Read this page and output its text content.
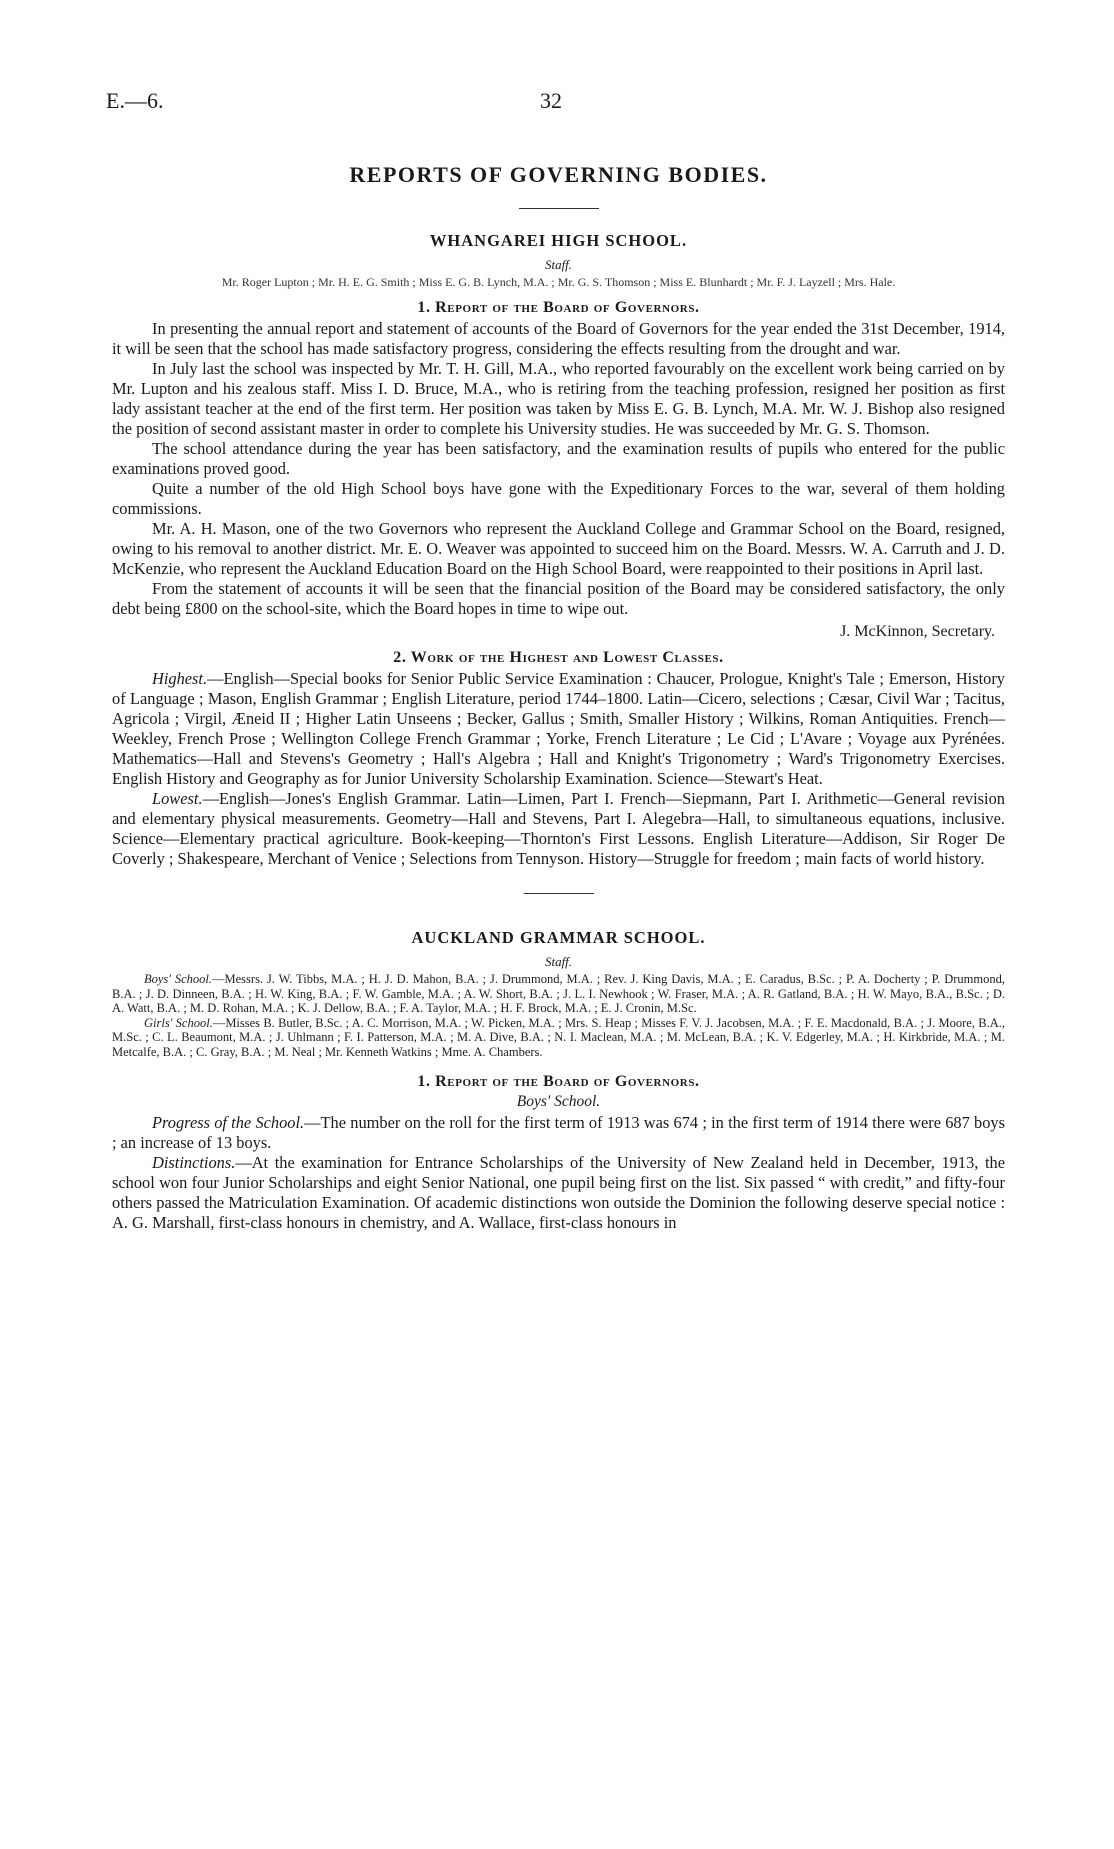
E.—6.	32
REPORTS OF GOVERNING BODIES.
WHANGAREI HIGH SCHOOL.
Staff.
Mr. Roger Lupton ; Mr. H. E. G. Smith ; Miss E. G. B. Lynch, M.A. ; Mr. G. S. Thomson ; Miss E. Blunhardt ; Mr. F. J. Layzell ; Mrs. Hale.
1. Report of the Board of Governors.

In presenting the annual report and statement of accounts of the Board of Governors for the year ended the 31st December, 1914, it will be seen that the school has made satisfactory progress, considering the effects resulting from the drought and war.

In July last the school was inspected by Mr. T. H. Gill, M.A., who reported favourably on the excellent work being carried on by Mr. Lupton and his zealous staff. Miss I. D. Bruce, M.A., who is retiring from the teaching profession, resigned her position as first lady assistant teacher at the end of the first term. Her position was taken by Miss E. G. B. Lynch, M.A. Mr. W. J. Bishop also resigned the position of second assistant master in order to complete his University studies. He was succeeded by Mr. G. S. Thomson.

The school attendance during the year has been satisfactory, and the examination results of pupils who entered for the public examinations proved good.

Quite a number of the old High School boys have gone with the Expeditionary Forces to the war, several of them holding commissions.

Mr. A. H. Mason, one of the two Governors who represent the Auckland College and Grammar School on the Board, resigned, owing to his removal to another district. Mr. E. O. Weaver was appointed to succeed him on the Board. Messrs. W. A. Carruth and J. D. McKenzie, who represent the Auckland Education Board on the High School Board, were reappointed to their positions in April last.

From the statement of accounts it will be seen that the financial position of the Board may be considered satisfactory, the only debt being £800 on the school-site, which the Board hopes in time to wipe out.

J. McKinnon, Secretary.
2. Work of the Highest and Lowest Classes.

Highest.—English—Special books for Senior Public Service Examination : Chaucer, Prologue, Knight's Tale ; Emerson, History of Language ; Mason, English Grammar ; English Literature, period 1744–1800. Latin—Cicero, selections ; Cæsar, Civil War ; Tacitus, Agricola ; Virgil, Æneid II ; Higher Latin Unseens ; Becker, Gallus ; Smith, Smaller History ; Wilkins, Roman Antiquities. French—Weekley, French Prose ; Wellington College French Grammar ; Yorke, French Literature ; Le Cid ; L'Avare ; Voyage aux Pyrénées. Mathematics—Hall and Stevens's Geometry ; Hall's Algebra ; Hall and Knight's Trigonometry ; Ward's Trigonometry Exercises. English History and Geography as for Junior University Scholarship Examination. Science—Stewart's Heat.

Lowest.—English—Jones's English Grammar. Latin—Limen, Part I. French—Siepmann, Part I. Arithmetic—General revision and elementary physical measurements. Geometry—Hall and Stevens, Part I. Alegebra—Hall, to simultaneous equations, inclusive. Science—Elementary practical agriculture. Book-keeping—Thornton's First Lessons. English Literature—Addison, Sir Roger De Coverly ; Shakespeare, Merchant of Venice ; Selections from Tennyson. History—Struggle for freedom ; main facts of world history.

AUCKLAND GRAMMAR SCHOOL.
Staff.

Boys' School.—Messrs. J. W. Tibbs, M.A. ; H. J. D. Mahon, B.A. ; J. Drummond, M.A. ; Rev. J. King Davis, M.A. ; E. Caradus, B.Sc. ; P. A. Docherty ; P. Drummond, B.A. ; J. D. Dinneen, B.A. ; H. W. King, B.A. ; F. W. Gamble, M.A. ; A. W. Short, B.A. ; J. L. I. Newhook ; W. Fraser, M.A. ; A. R. Gatland, B.A. ; H. W. Mayo, B.A., B.Sc. ; D. A. Watt, B.A. ; M. D. Rohan, M.A. ; K. J. Dellow, B.A. ; F. A. Taylor, M.A. ; H. F. Brock, M.A. ; E. J. Cronin, M.Sc.

Girls' School.—Misses B. Butler, B.Sc. ; A. C. Morrison, M.A. ; W. Picken, M.A. ; Mrs. S. Heap ; Misses F. V. J. Jacobsen, M.A. ; F. E. Macdonald, B.A. ; J. Moore, B.A., M.Sc. ; C. L. Beaumont, M.A. ; J. Uhlmann ; F. I. Patterson, M.A. ; M. A. Dive, B.A. ; N. I. Maclean, M.A. ; M. McLean, B.A. ; K. V. Edgerley, M.A. ; H. Kirkbride, M.A. ; M. Metcalfe, B.A. ; C. Gray, B.A. ; M. Neal ; Mr. Kenneth Watkins ; Mme. A. Chambers.

1. Report of the Board of Governors.
Boys' School.

Progress of the School.—The number on the roll for the first term of 1913 was 674 ; in the first term of 1914 there were 687 boys ; an increase of 13 boys.

Distinctions.—At the examination for Entrance Scholarships of the University of New Zealand held in December, 1913, the school won four Junior Scholarships and eight Senior National, one pupil being first on the list. Six passed “ with credit,” and fifty-four others passed the Matriculation Examination. Of academic distinctions won outside the Dominion the following deserve special notice : A. G. Marshall, first-class honours in chemistry, and A. Wallace, first-class honours in
